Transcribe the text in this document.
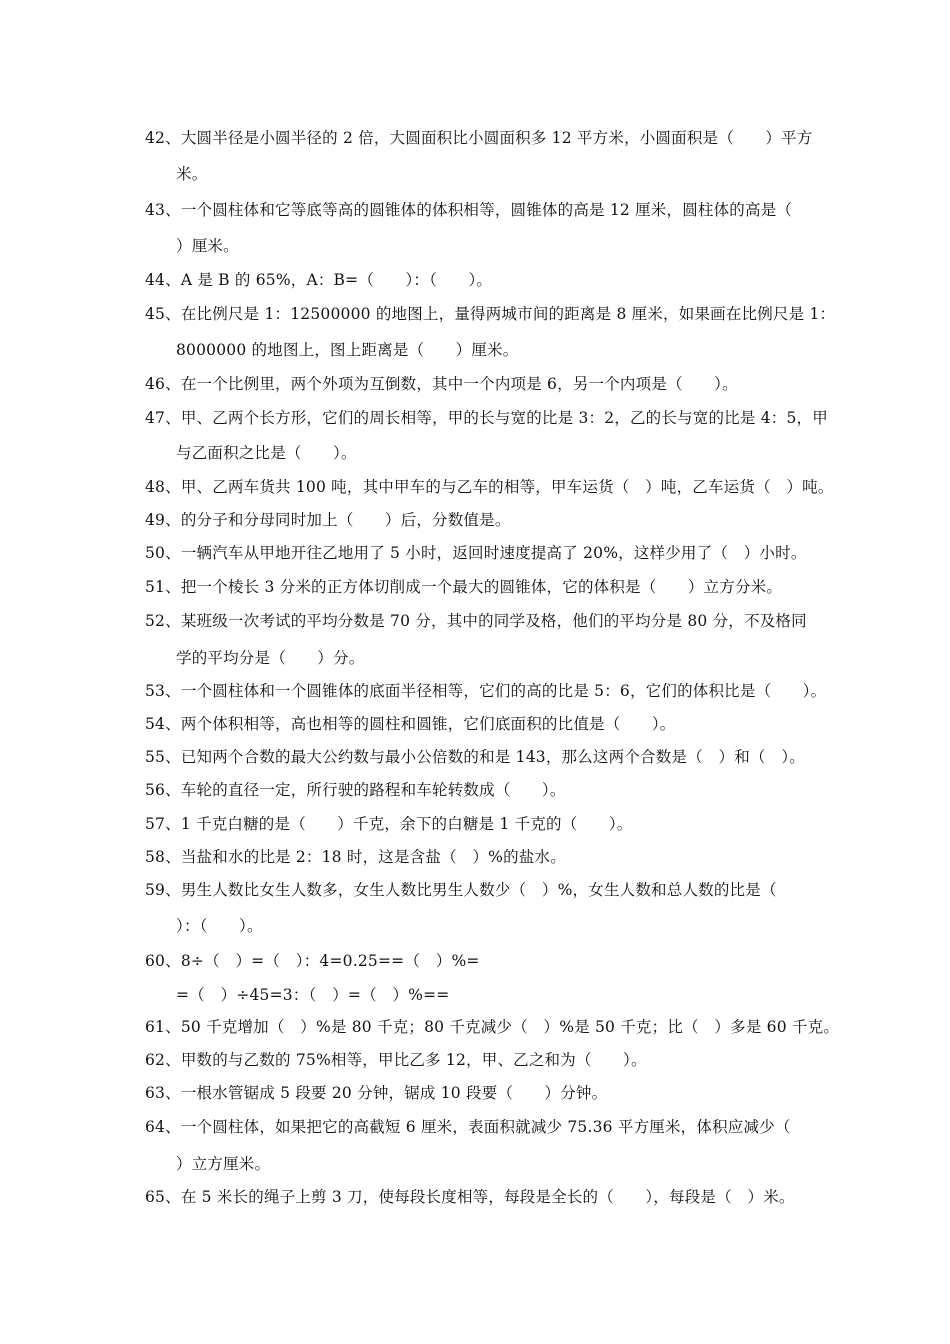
42、大圆半径是小圆半径的 2 倍，大圆面积比小圆面积多 12 平方米，小圆面积是（　　）平方
米。
43、一个圆柱体和它等底等高的圆锥体的体积相等，圆锥体的高是 12 厘米，圆柱体的高是（
）厘米。
44、A 是 B 的 65%，A：B=（　　）：（　　）。
45、在比例尺是 1：12500000 的地图上，量得两城市间的距离是 8 厘米，如果画在比例尺是 1：
8000000 的地图上，图上距离是（　　）厘米。
46、在一个比例里，两个外项为互倒数，其中一个内项是 6，另一个内项是（　　）。
47、甲、乙两个长方形，它们的周长相等，甲的长与宽的比是 3：2，乙的长与宽的比是 4：5，甲
与乙面积之比是（　　）。
48、甲、乙两车货共 100 吨，其中甲车的与乙车的相等，甲车运货（　）吨，乙车运货（　）吨。
49、的分子和分母同时加上（　　）后，分数值是。
50、一辆汽车从甲地开往乙地用了 5 小时，返回时速度提高了 20%，这样少用了（　）小时。
51、把一个棱长 3 分米的正方体切削成一个最大的圆锥体，它的体积是（　　）立方分米。
52、某班级一次考试的平均分数是 70 分，其中的同学及格，他们的平均分是 80 分，不及格同
学的平均分是（　　）分。
53、一个圆柱体和一个圆锥体的底面半径相等，它们的高的比是 5：6，它们的体积比是（　　）。
54、两个体积相等，高也相等的圆柱和圆锥，它们底面积的比值是（　　）。
55、已知两个合数的最大公约数与最小公倍数的和是 143，那么这两个合数是（　）和（　）。
56、车轮的直径一定，所行驶的路程和车轮转数成（　　）。
57、1 千克白糖的是（　　）千克，余下的白糖是 1 千克的（　　）。
58、当盐和水的比是 2：18 时，这是含盐（　）%的盐水。
59、男生人数比女生人数多，女生人数比男生人数少（　）%，女生人数和总人数的比是（
）：（　　）。
60、8÷（　）=（　）：4=0.25==（　）%=
=（　）÷45=3：（　）=（　）%==
61、50 千克增加（　）%是 80 千克；80 千克减少（　）%是 50 千克；比（　）多是 60 千克。
62、甲数的与乙数的 75%相等，甲比乙多 12，甲、乙之和为（　　）。
63、一根水管锯成 5 段要 20 分钟，锯成 10 段要（　　）分钟。
64、一个圆柱体，如果把它的高截短 6 厘米，表面积就减少 75.36 平方厘米，体积应减少（
）立方厘米。
65、在 5 米长的绳子上剪 3 刀，使每段长度相等，每段是全长的（　　），每段是（　）米。
